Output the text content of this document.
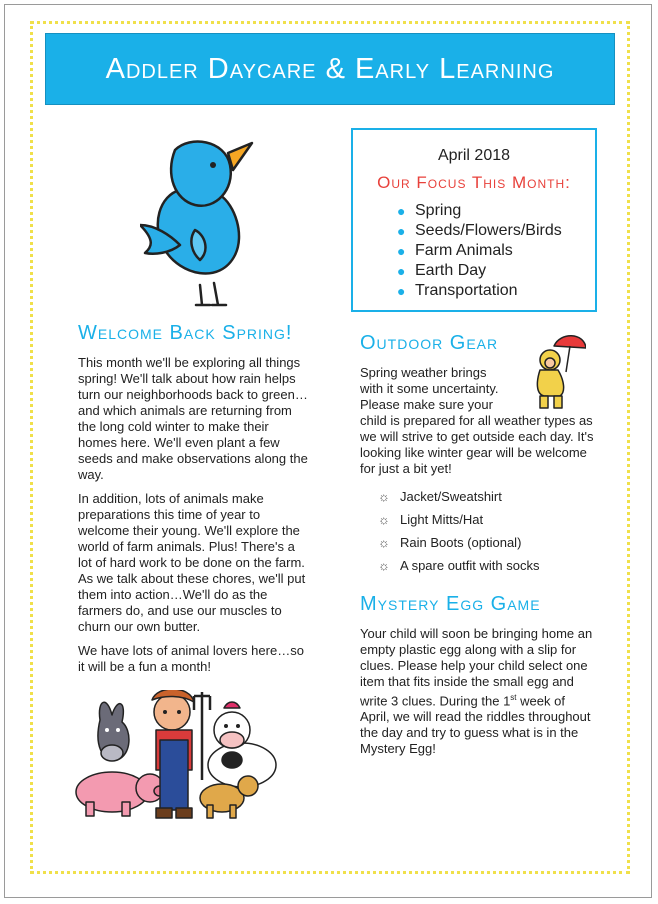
Addler Daycare & Early Learning
April 2018
Our Focus This Month:
● Spring
● Seeds/Flowers/Birds
● Farm Animals
● Earth Day
● Transportation
Welcome Back Spring!

This month we'll be exploring all things spring! We'll talk about how rain helps turn our neighborhoods back to green…and which animals are returning from the long cold winter to make their homes here. We'll even plant a few seeds and make observations along the way.

In addition, lots of animals make preparations this time of year to welcome their young. We'll explore the world of farm animals. Plus! There's a lot of hard work to be done on the farm. As we talk about these chores, we'll put them into action…We'll do as the farmers do, and use our muscles to churn our own butter.

We have lots of animal lovers here…so it will be a fun a month!

Outdoor Gear

Spring weather brings

with it some uncertainty.

Please make sure your

child is prepared for all weather types as we will strive to get outside each day. It's looking like winter gear will be welcome for just a bit yet!

☼ Jacket/Sweatshirt
☼ Light Mitts/Hat
☼ Rain Boots (optional)
☼ A spare outfit with socks
Mystery Egg Game

Your child will soon be bringing home an empty plastic egg along with a slip for clues. Please help your child select one item that fits inside the small egg and write 3 clues. During the 1st week of April, we will read the riddles throughout the day and try to guess what is in the Mystery Egg!
